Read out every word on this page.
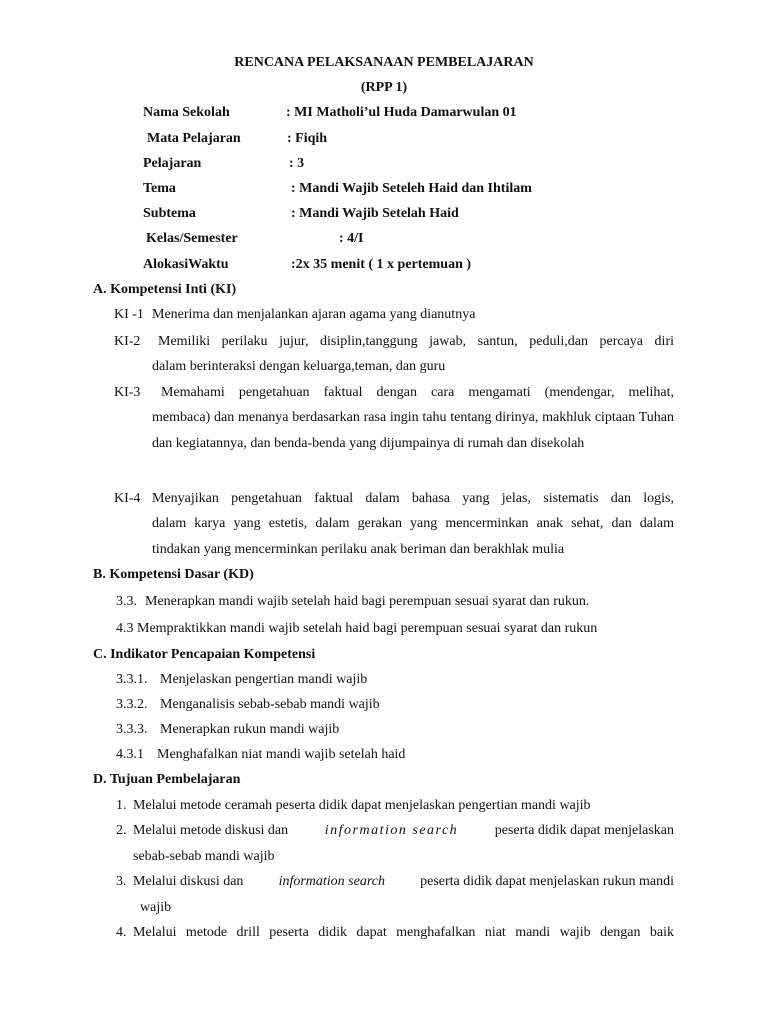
RENCANA PELAKSANAAN PEMBELAJARAN
(RPP 1)
Nama Sekolah	: MI Matholi’ul Huda Damarwulan 01
Mata Pelajaran	: Fiqih
Pelajaran	: 3
Tema	: Mandi Wajib Seteleh Haid dan Ihtilam
Subtema	: Mandi Wajib Setelah Haid
Kelas/Semester	: 4/I
AlokasiWaktu	:2x 35 menit ( 1 x pertemuan )
A. Kompetensi Inti (KI)
KI -1 Menerima dan menjalankan ajaran agama yang dianutnya
KI-2 Memiliki perilaku jujur, disiplin,tanggung jawab, santun, peduli,dan percaya diri
dalam berinteraksi dengan keluarga,teman, dan guru
KI-3 Memahami pengetahuan faktual dengan cara mengamati (mendengar, melihat,
membaca) dan menanya berdasarkan rasa ingin tahu tentang dirinya, makhluk ciptaan Tuhan dan kegiatannya, dan benda-benda yang dijumpainya di rumah dan disekolah
KI-4 Menyajikan pengetahuan faktual dalam bahasa yang jelas, sistematis dan logis,
dalam karya yang estetis, dalam gerakan yang mencerminkan anak sehat, dan dalam tindakan yang mencerminkan perilaku anak beriman dan berakhlak mulia
B. Kompetensi Dasar (KD)
3.3. Menerapkan mandi wajib setelah haid bagi perempuan sesuai syarat dan rukun.
4.3 Mempraktikkan mandi wajib setelah haid bagi perempuan sesuai syarat dan rukun
C. Indikator Pencapaian Kompetensi
3.3.1. Menjelaskan pengertian mandi wajib
3.3.2. Menganalisis sebab-sebab mandi wajib
3.3.3. Menerapkan rukun mandi wajib
4.3.1 Menghafalkan niat mandi wajib setelah haid
D. Tujuan Pembelajaran
1. Melalui metode ceramah peserta didik dapat menjelaskan pengertian mandi wajib
2. Melalui metode diskusi dan	information search	peserta didik dapat menjelaskan
sebab-sebab mandi wajib
3. Melalui diskusi dan	information search	peserta didik dapat menjelaskan rukun mandi
wajib
4. Melalui metode drill peserta didik dapat menghafalkan niat mandi wajib dengan baik
